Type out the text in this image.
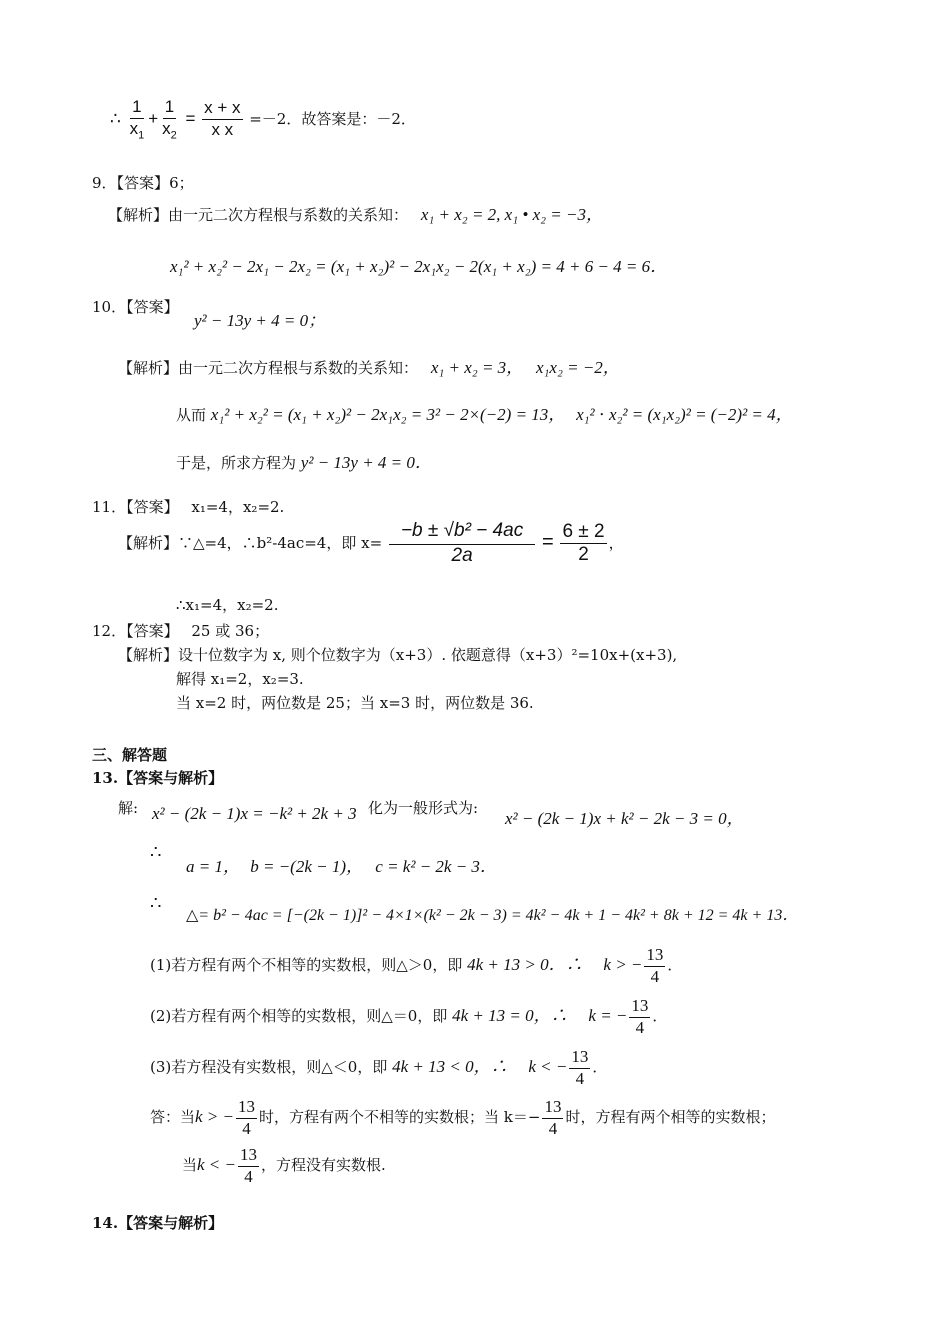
∴ $\frac{1}{x_1} + \frac{1}{x_2} = \frac{x + x}{\text{x x}} =-2$．故答案是：－2．
9．【答案】6；
【解析】由一元二次方程根与系数的关系知： x₁ + x₂ = 2, x₁ • x₂ = −3，
x₁² + x₂² − 2x₁ − 2x₂ = (x₁ + x₂)² − 2x₁x₂ − 2(x₁ + x₂) = 4 + 6 − 4 = 6．
10．【答案】
y² − 13y + 4 = 0；
【解析】由一元二次方程根与系数的关系知： x₁ + x₂ = 3， x₁x₂ = −2，
从而 x₁² + x₂² = (x₁ + x₂)² − 2x₁x₂ = 3² − 2×(−2) = 13， x₁² ⋅ x₂² = (x₁x₂)² = (−2)² = 4，
于是，所求方程为 y² − 13y + 4 = 0．
11．【答案】 x₁=4，x₂=2.
【解析】∵△=4，∴b²-4ac=4，即 $x= \frac{\text{−b ± √b² − 4ac}}{2a} = \frac{6 \pm 2}{2}$ ，
∴x₁=4，x₂=2.
12．【答案】 25 或 36；
【解析】设十位数字为 x, 则个位数字为（x+3）. 依题意得（x+3）²=10x+(x+3),
解得 x₁=2，x₂=3.
当 x=2 时，两位数是 25；当 x=3 时，两位数是 36.
三、解答题
13.【答案与解析】
解: x² − (2k − 1)x = −k² + 2k + 3 化为一般形式为:
x² − (2k − 1)x + k² − 2k − 3 = 0，
∴
a = 1， b = −(2k − 1)， c = k² − 2k − 3．
∴
△= b² − 4ac = [−(2k − 1)]² − 4×1×(k² − 2k − 3) = 4k² − 4k + 1 − 4k² + 8k + 12 = 4k + 13．
(1)若方程有两个不相等的实数根，则△＞0，即 4k + 13 > 0．∴ k > − $\frac{13}{4}$ ．
(2)若方程有两个相等的实数根，则△＝0，即 4k + 13 = 0，∴ k = − $\frac{13}{4}$ ．
(3)若方程没有实数根，则△＜0，即 4k + 13 < 0，∴ k < − $\frac{13}{4}$ ．
答：当k > − $\frac{13}{4}$ 时，方程有两个不相等的实数根；当 $k=- \frac{13}{4}$ 时，方程有两个相等的实数根；
当k < − $\frac{13}{4}$ ，方程没有实数根.
14.【答案与解析】
